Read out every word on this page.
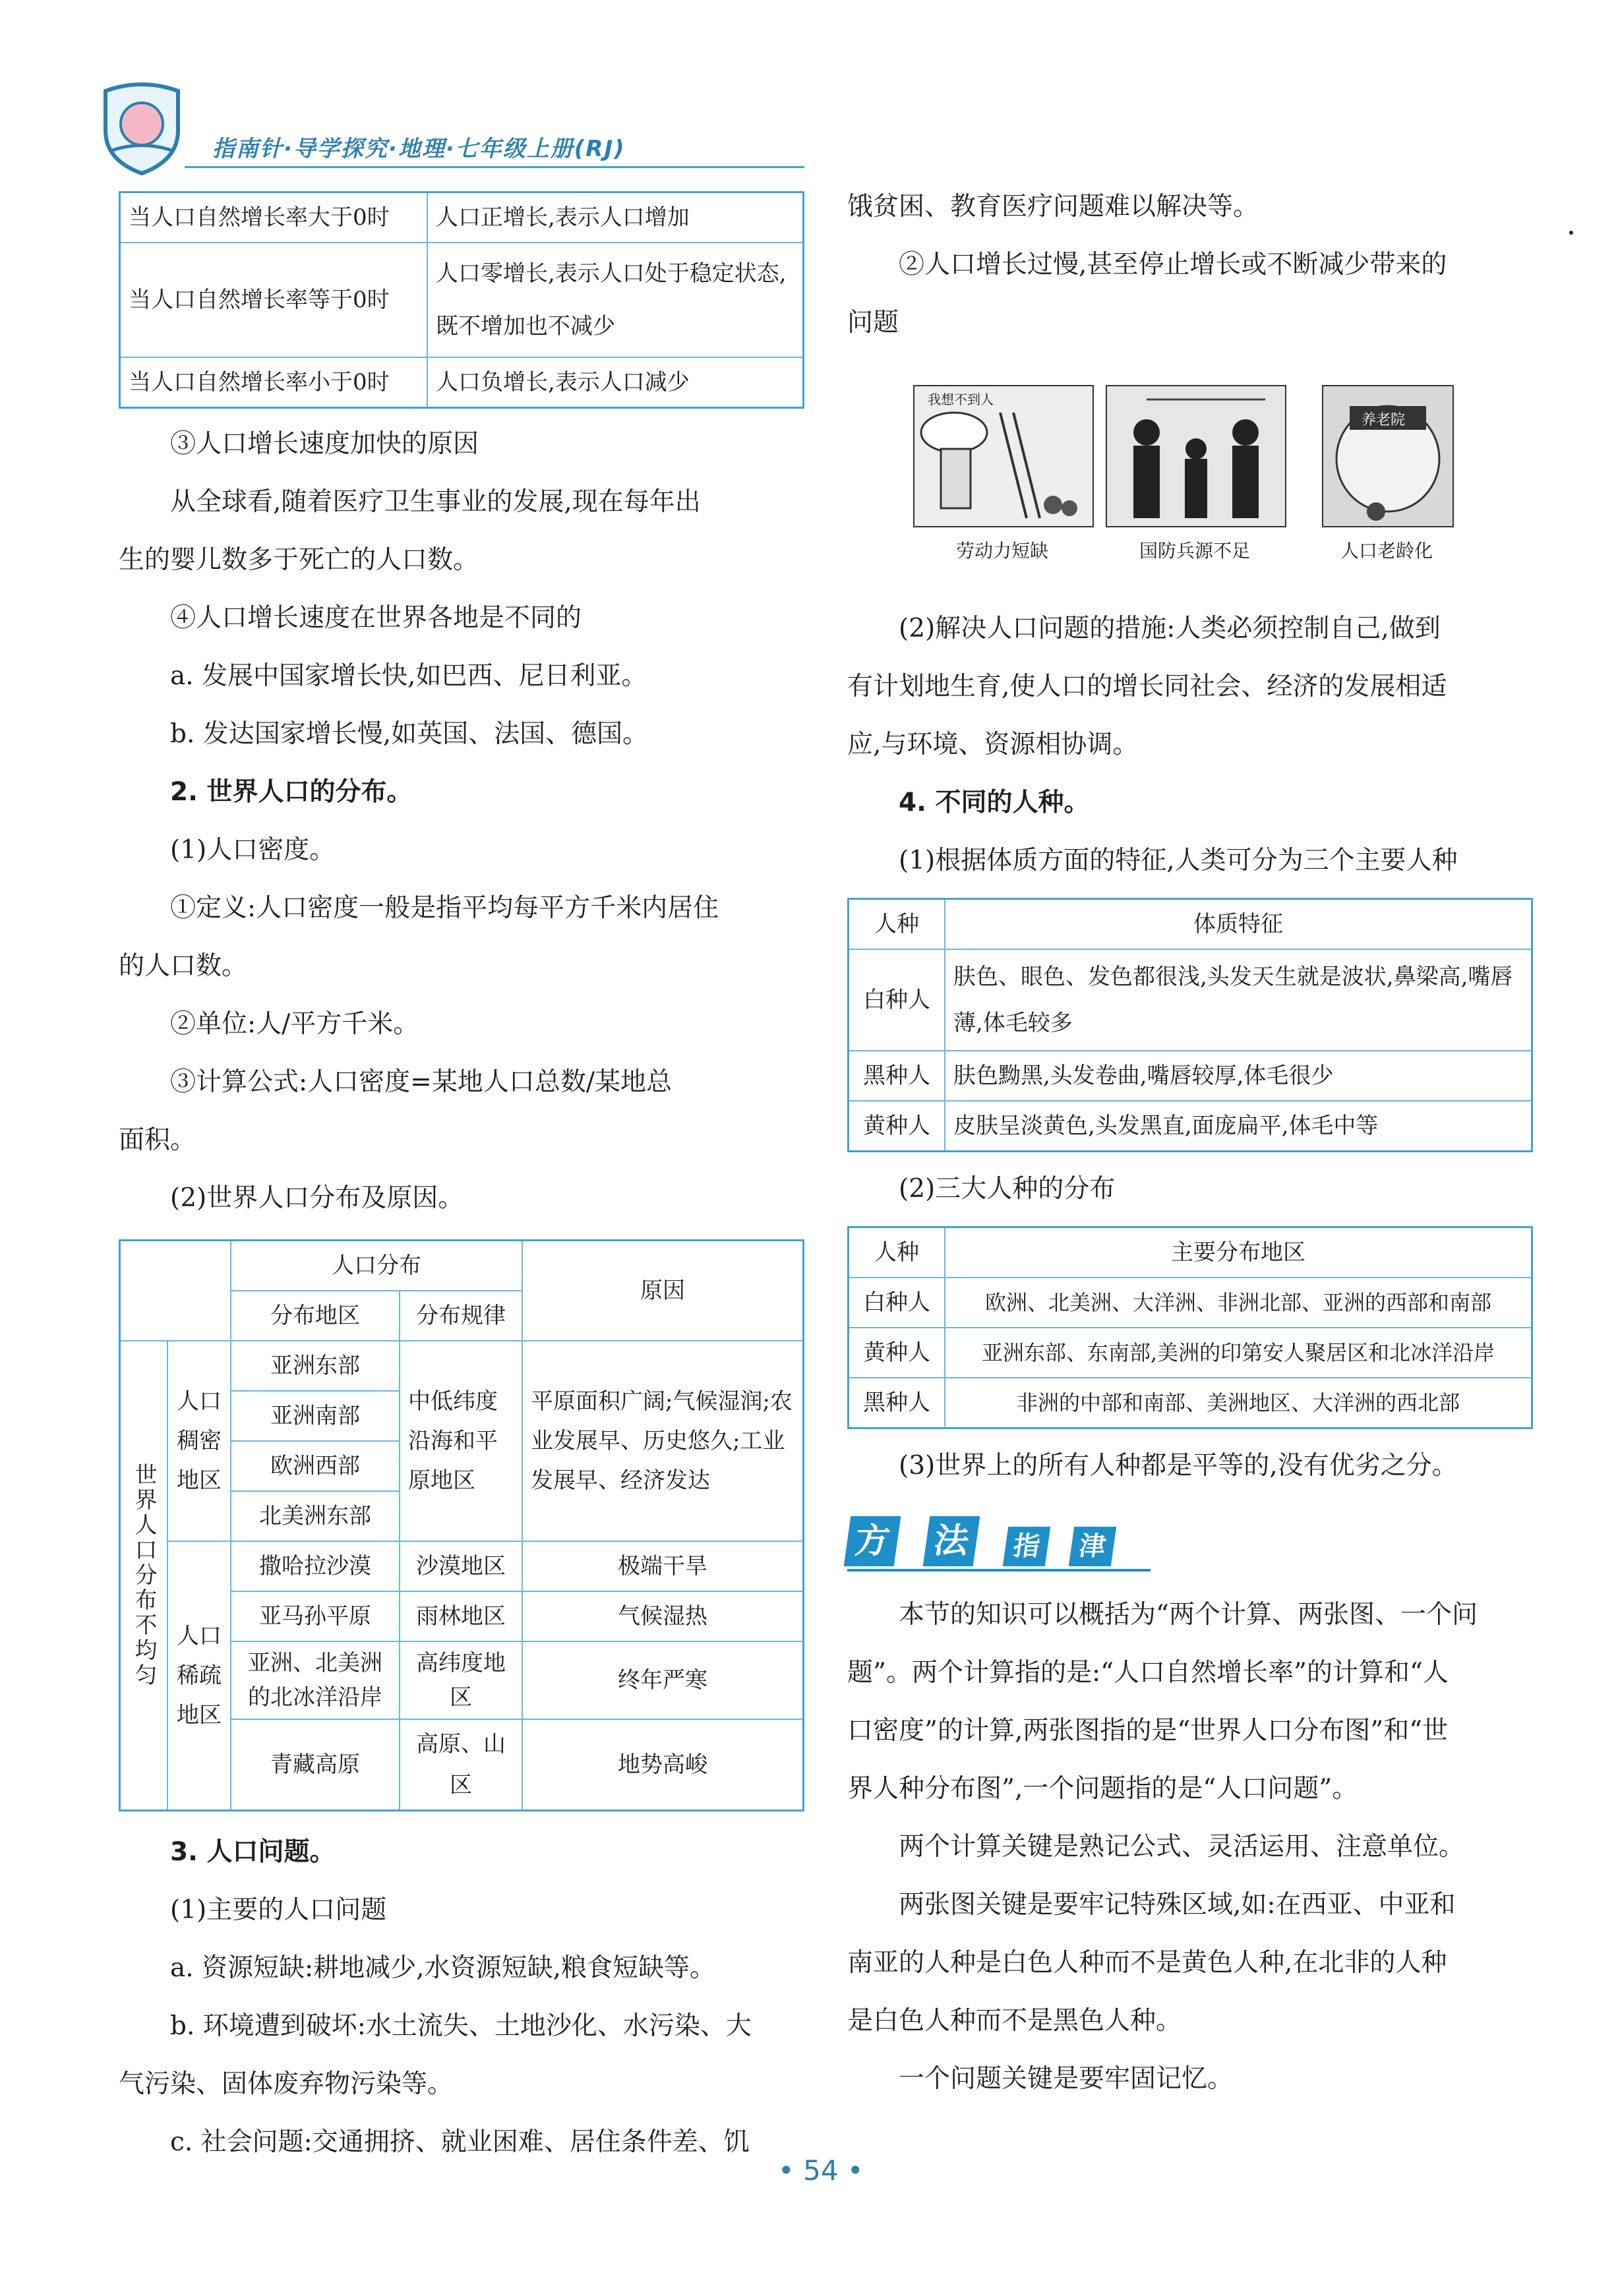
指南针·导学探究·地理·七年级上册(RJ)
当人口自然增长率大于0时	人口正增长,表示人口增加
当人口自然增长率等于0时	人口零增长,表示人口处于稳定状态,既不增加也不减少
当人口自然增长率小于0时	人口负增长,表示人口减少

③人口增长速度加快的原因

从全球看,随着医疗卫生事业的发展,现在每年出

生的婴儿数多于死亡的人口数。

④人口增长速度在世界各地是不同的

a. 发展中国家增长快,如巴西、尼日利亚。

b. 发达国家增长慢,如英国、法国、德国。

2. 世界人口的分布。

(1)人口密度。

①定义:人口密度一般是指平均每平方千米内居住

的人口数。

②单位:人/平方千米。

③计算公式:人口密度=某地人口总数/某地总

面积。

(2)世界人口分布及原因。

		人口分布		原因
		分布地区	分布规律	
世界人口分布不均匀	人口稠密地区	亚洲东部	中低纬度沿海和平原地区	平原面积广阔;气候湿润;农业发展早、历史悠久;工业发展早、经济发达
		亚洲南部		
		欧洲西部		
		北美洲东部		
	人口稀疏地区	撒哈拉沙漠	沙漠地区	极端干旱
		亚马孙平原	雨林地区	气候湿热
		亚洲、北美洲的北冰洋沿岸	高纬度地区	终年严寒
		青藏高原	高原、山区	地势高峻

3. 人口问题。

(1)主要的人口问题

a. 资源短缺:耕地减少,水资源短缺,粮食短缺等。

b. 环境遭到破坏:水土流失、土地沙化、水污染、大

气污染、固体废弃物污染等。

c. 社会问题:交通拥挤、就业困难、居住条件差、饥

饿贫困、教育医疗问题难以解决等。

②人口增长过慢,甚至停止增长或不断减少带来的

问题

我想不到人
劳动力短缺	国防兵源不足
养老院
人口老龄化

(2)解决人口问题的措施:人类必须控制自己,做到

有计划地生育,使人口的增长同社会、经济的发展相适

应,与环境、资源相协调。

4. 不同的人种。

(1)根据体质方面的特征,人类可分为三个主要人种

人种	体质特征
白种人	肤色、眼色、发色都很浅,头发天生就是波状,鼻梁高,嘴唇薄,体毛较多
黑种人	肤色黝黑,头发卷曲,嘴唇较厚,体毛很少
黄种人	皮肤呈淡黄色,头发黑直,面庞扁平,体毛中等

(2)三大人种的分布

人种	主要分布地区
白种人	欧洲、北美洲、大洋洲、非洲北部、亚洲的西部和南部
黄种人	亚洲东部、东南部,美洲的印第安人聚居区和北冰洋沿岸
黑种人	非洲的中部和南部、美洲地区、大洋洲的西北部

(3)世界上的所有人种都是平等的,没有优劣之分。

方 法	指	津

本节的知识可以概括为“两个计算、两张图、一个问

题”。两个计算指的是:“人口自然增长率”的计算和“人

口密度”的计算,两张图指的是“世界人口分布图”和“世

界人种分布图”,一个问题指的是“人口问题”。

两个计算关键是熟记公式、灵活运用、注意单位。

两张图关键是要牢记特殊区域,如:在西亚、中亚和

南亚的人种是白色人种而不是黄色人种,在北非的人种

是白色人种而不是黑色人种。

一个问题关键是要牢固记忆。

• 54 •
